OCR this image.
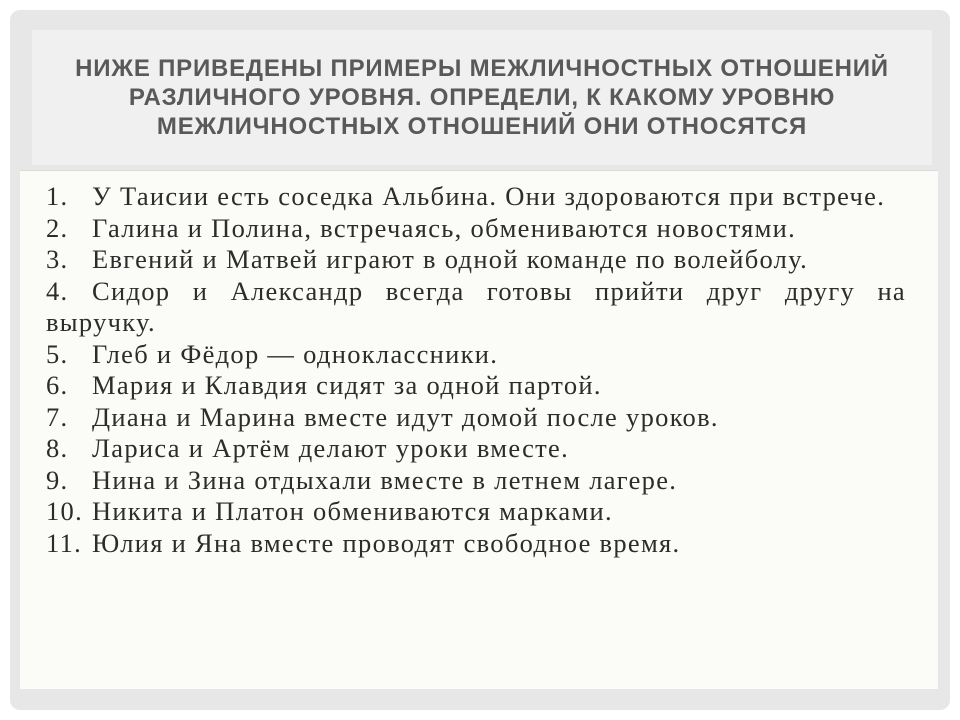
НИЖЕ ПРИВЕДЕНЫ ПРИМЕРЫ МЕЖЛИЧНОСТНЫХ ОТНОШЕНИЙ РАЗЛИЧНОГО УРОВНЯ. ОПРЕДЕЛИ, К КАКОМУ УРОВНЮ МЕЖЛИЧНОСТНЫХ ОТНОШЕНИЙ ОНИ ОТНОСЯТСЯ
1. У Таисии есть соседка Альбина. Они здороваются при встрече.
2. Галина и Полина, встречаясь, обмениваются новостями.
3. Евгений и Матвей играют в одной команде по волейболу.
4. Сидор и Александр всегда готовы прийти друг другу на выручку.
5. Глеб и Фёдор — одноклассники.
6. Мария и Клавдия сидят за одной партой.
7. Диана и Марина вместе идут домой после уроков.
8. Лариса и Артём делают уроки вместе.
9. Нина и Зина отдыхали вместе в летнем лагере.
10. Никита и Платон обмениваются марками.
11. Юлия и Яна вместе проводят свободное время.
